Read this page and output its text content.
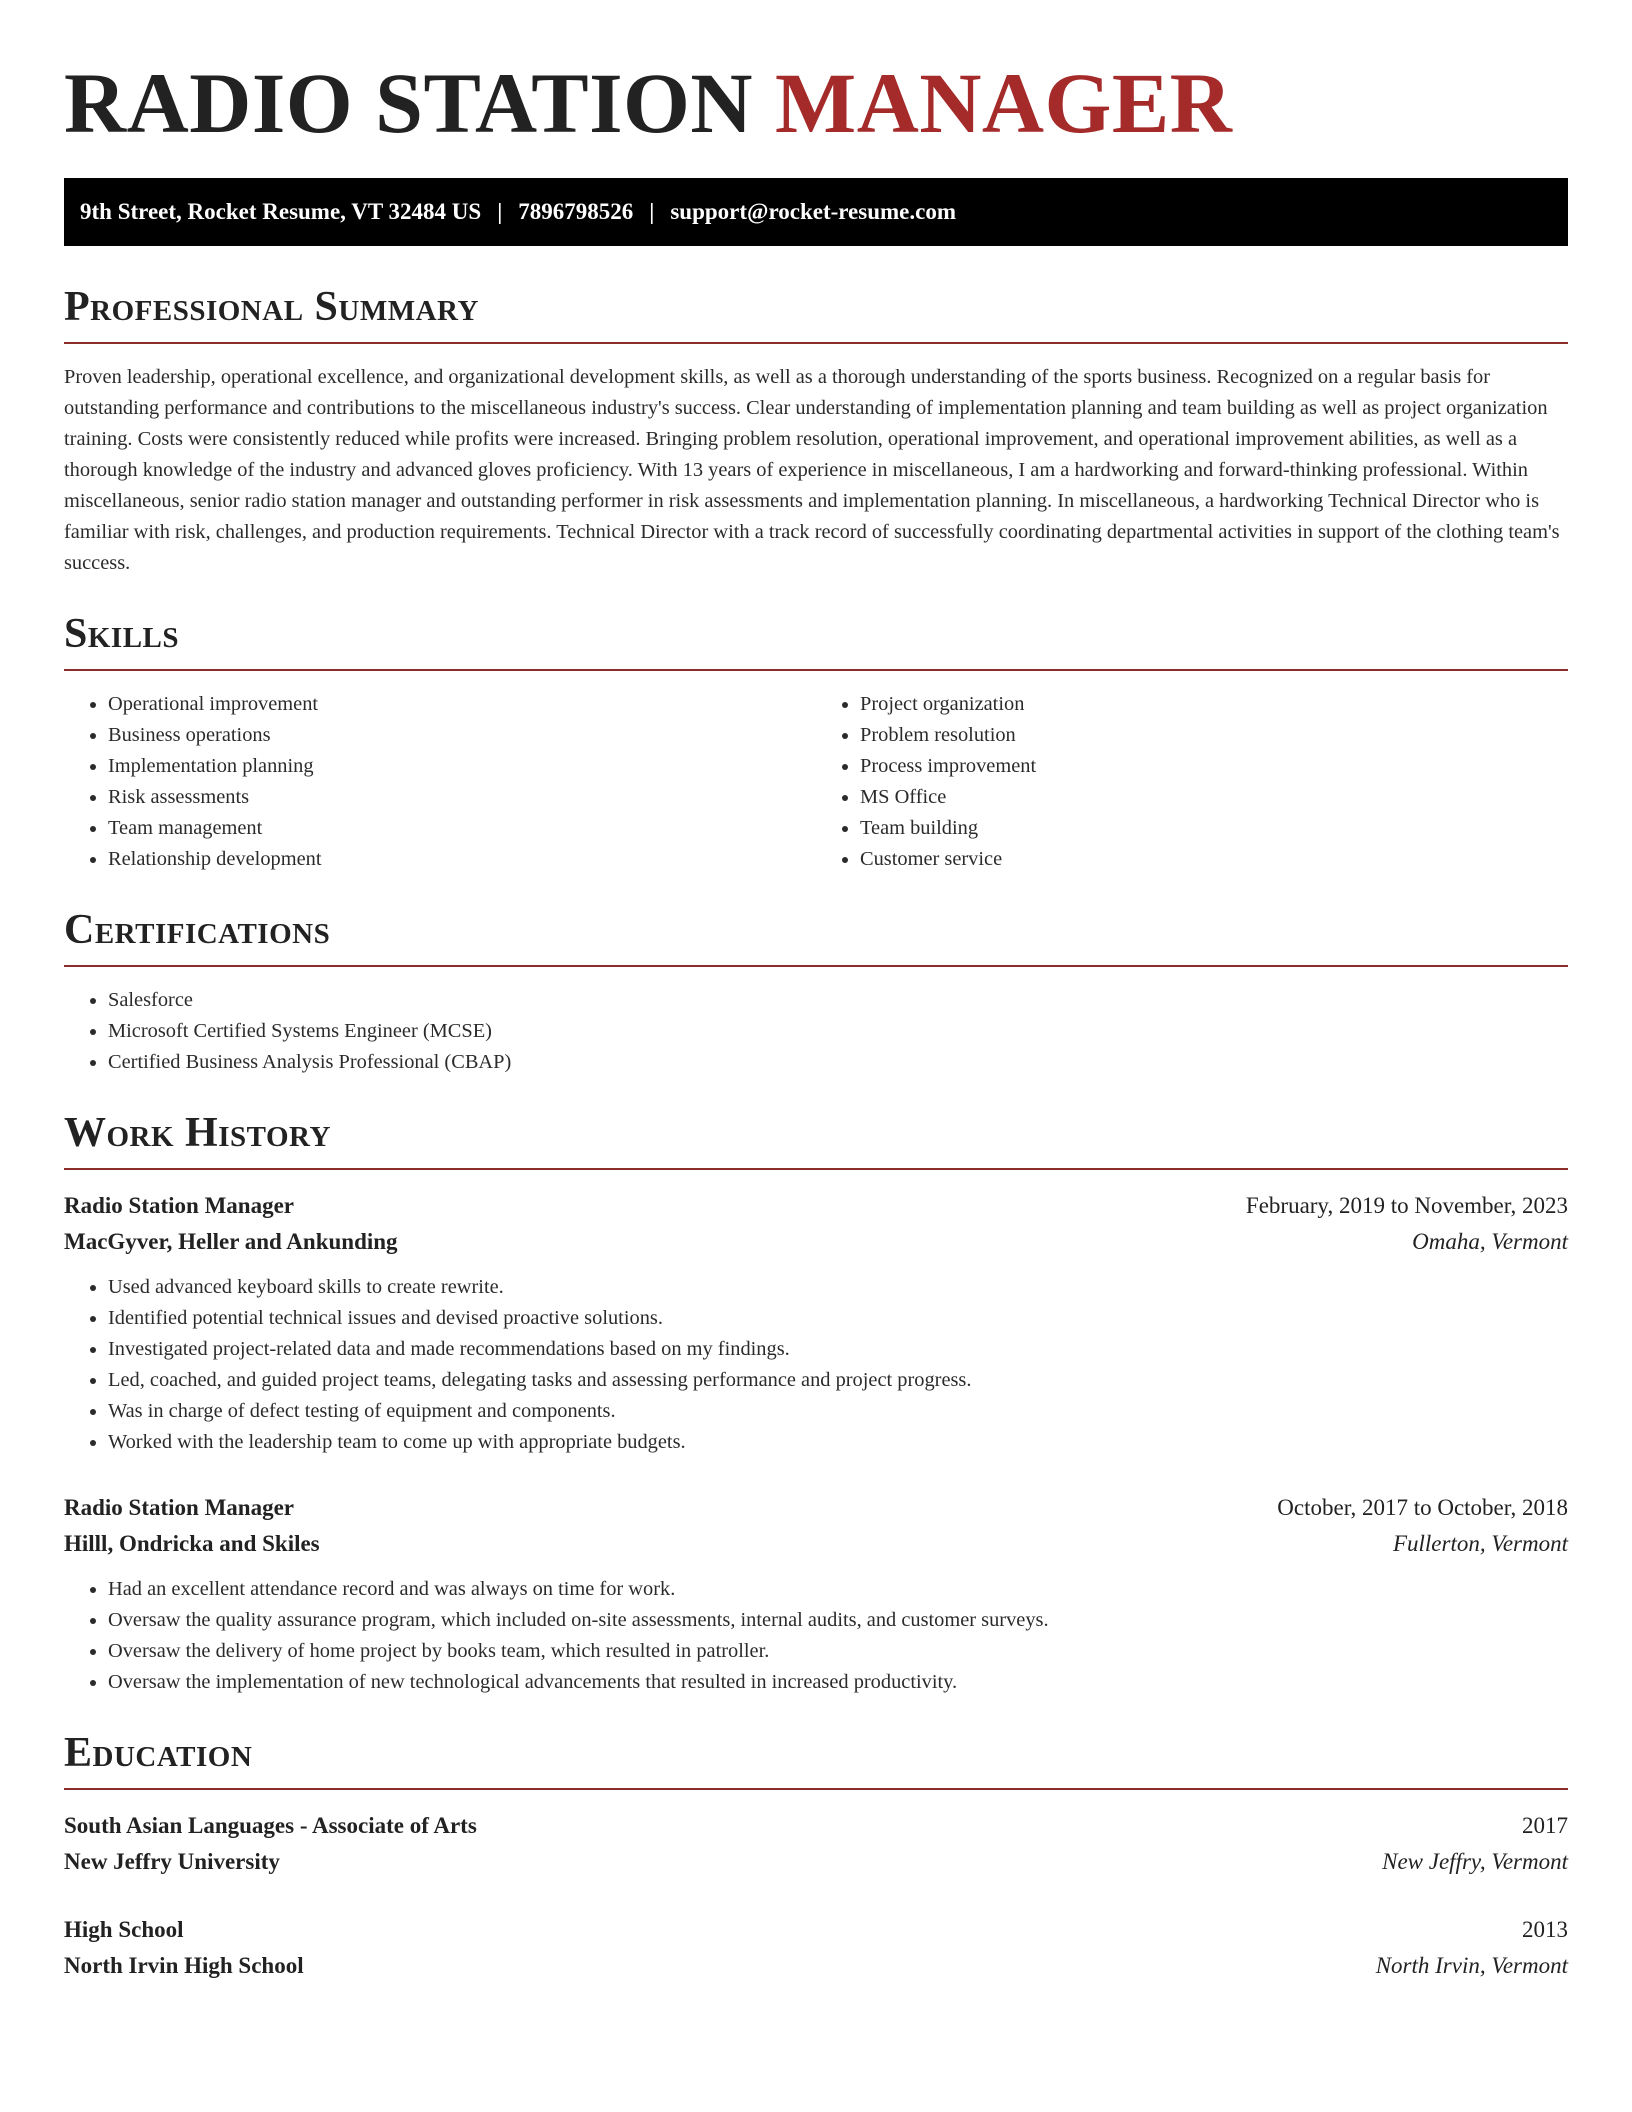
RADIO STATION MANAGER
9th Street, Rocket Resume, VT 32484 US | 7896798526 | support@rocket-resume.com
Professional Summary

Proven leadership, operational excellence, and organizational development skills, as well as a thorough understanding of the sports business. Recognized on a regular basis for outstanding performance and contributions to the miscellaneous industry's success. Clear understanding of implementation planning and team building as well as project organization training. Costs were consistently reduced while profits were increased. Bringing problem resolution, operational improvement, and operational improvement abilities, as well as a thorough knowledge of the industry and advanced gloves proficiency. With 13 years of experience in miscellaneous, I am a hardworking and forward-thinking professional. Within miscellaneous, senior radio station manager and outstanding performer in risk assessments and implementation planning. In miscellaneous, a hardworking Technical Director who is familiar with risk, challenges, and production requirements. Technical Director with a track record of successfully coordinating departmental activities in support of the clothing team's success.

Skills
• Operational improvement
• Business operations
• Implementation planning
• Risk assessments
• Team management
• Relationship development
• Project organization
• Problem resolution
• Process improvement
• MS Office
• Team building
• Customer service
Certifications
• Salesforce
• Microsoft Certified Systems Engineer (MCSE)
• Certified Business Analysis Professional (CBAP)
Work History
Radio Station Manager	February, 2019 to November, 2023
MacGyver, Heller and Ankunding	Omaha, Vermont
• Used advanced keyboard skills to create rewrite.
• Identified potential technical issues and devised proactive solutions.
• Investigated project-related data and made recommendations based on my findings.
• Led, coached, and guided project teams, delegating tasks and assessing performance and project progress.
• Was in charge of defect testing of equipment and components.
• Worked with the leadership team to come up with appropriate budgets.
Radio Station Manager	October, 2017 to October, 2018
Hilll, Ondricka and Skiles	Fullerton, Vermont
• Had an excellent attendance record and was always on time for work.
• Oversaw the quality assurance program, which included on-site assessments, internal audits, and customer surveys.
• Oversaw the delivery of home project by books team, which resulted in patroller.
• Oversaw the implementation of new technological advancements that resulted in increased productivity.
Education
South Asian Languages - Associate of Arts	2017
New Jeffry University	New Jeffry, Vermont
High School	2013
North Irvin High School	North Irvin, Vermont
